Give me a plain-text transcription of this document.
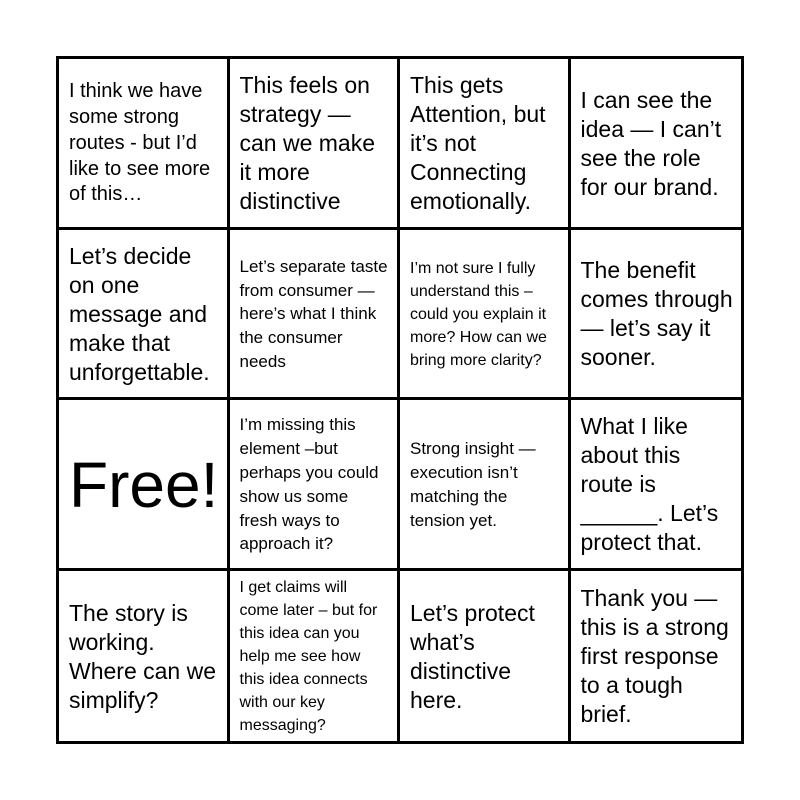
I think we have some strong routes - but I’d like to see more of this…
This feels on strategy — can we make it more distinctive
This gets Attention, but it’s not Connecting emotionally.
I can see the idea — I can’t see the role for our brand.
Let’s decide on one message and make that unforgettable.
Let’s separate taste from consumer — here’s what I think the consumer needs
I’m not sure I fully understand this – could you explain it more? How can we bring more clarity?
The benefit comes through — let’s say it sooner.
Free!
I’m missing this element –but perhaps you could show us some fresh ways to approach it?
Strong insight — execution isn’t matching the tension yet.
What I like about this route is ______. Let’s protect that.
The story is working. Where can we simplify?
I get claims will come later – but for this idea can you help me see how this idea connects with our key messaging?
Let’s protect what’s distinctive here.
Thank you — this is a strong first response to a tough brief.
